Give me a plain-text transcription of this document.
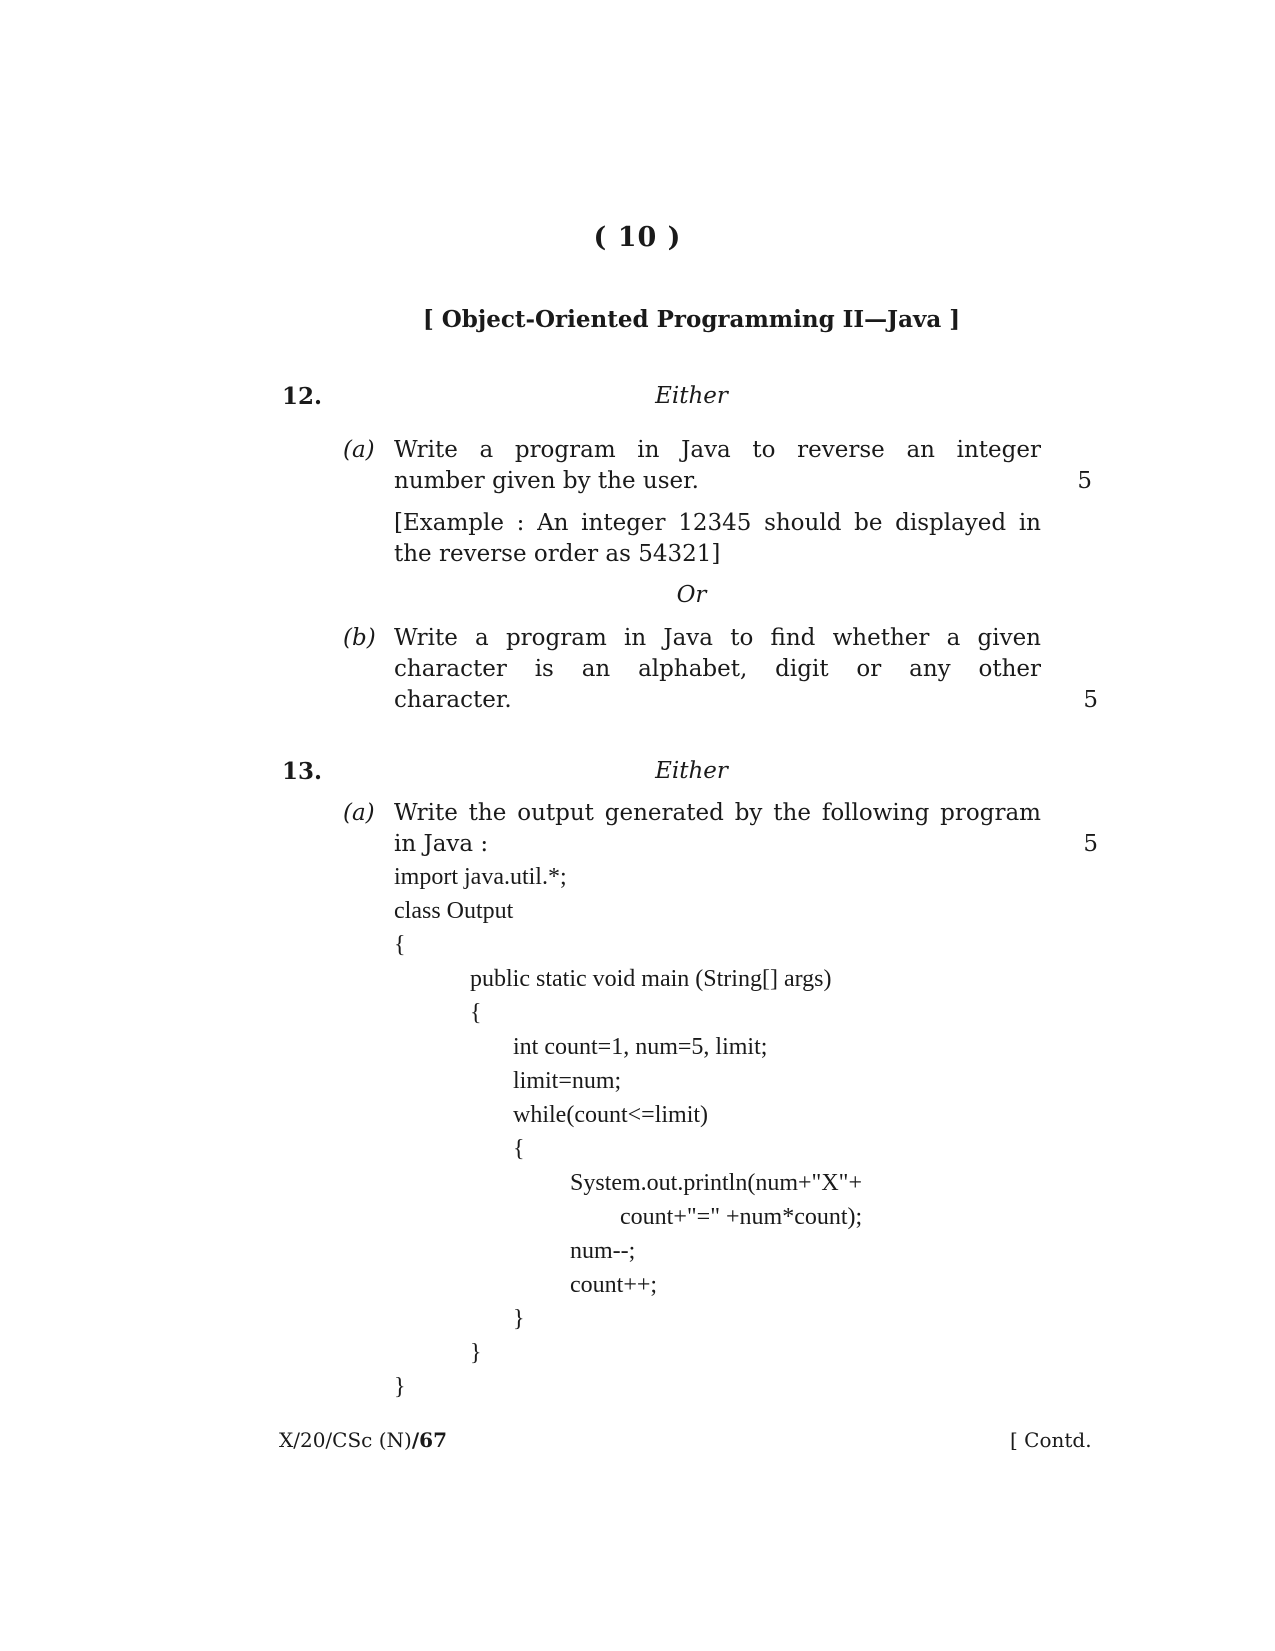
( 10 )
[ Object-Oriented Programming II—Java ]
12.	Either
(a) Write a program in Java to reverse an integer
number given by the user.	5
[Example : An integer 12345 should be displayed in
the reverse order as 54321]
Or
(b) Write a program in Java to find whether a given
character is an alphabet, digit or any other
character.	5
13.	Either
(a) Write the output generated by the following program
in Java :	5
import java.util.*;
class Output
{
public static void main (String[] args)
{
int count=1, num=5, limit;
limit=num;
while(count<=limit)
{
System.out.println(num+"X"+
count+"=" +num*count);
num--;
count++;
}
}
}
X/20/CSc (N)/67	[ Contd.
